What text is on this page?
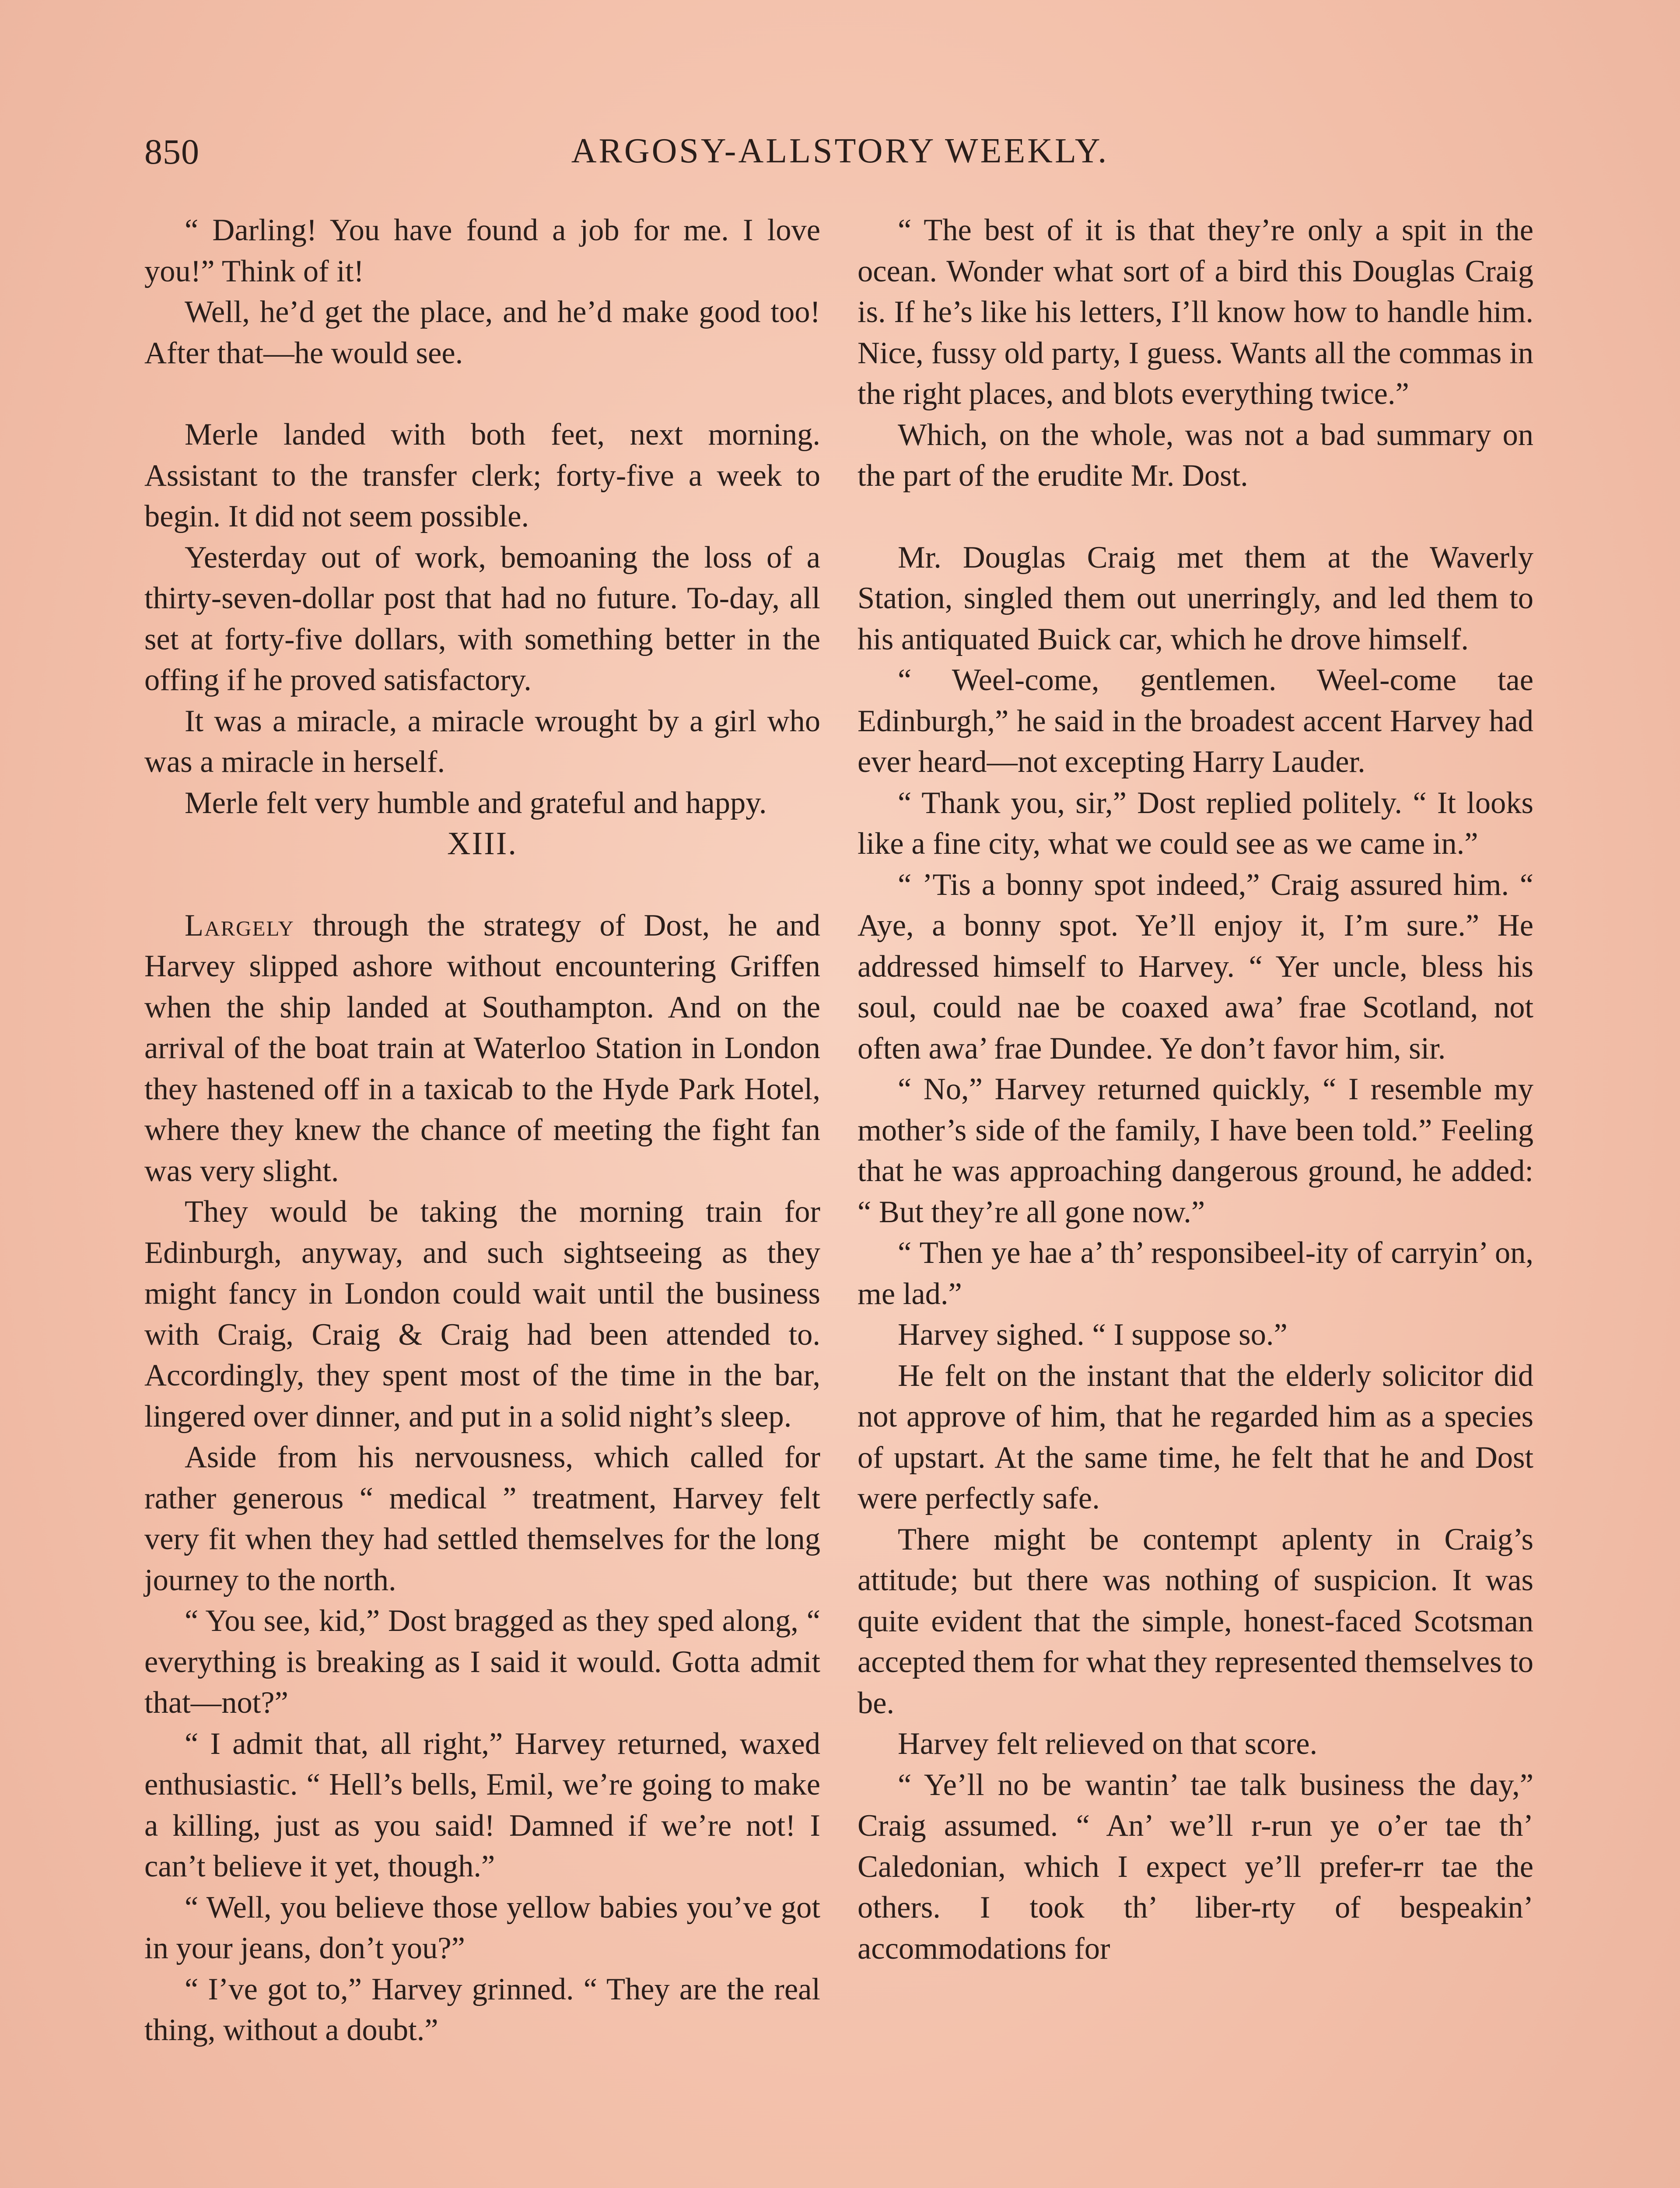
850	ARGOSY-ALLSTORY WEEKLY.

“ Darling! You have found a job for me. I love you!” Think of it!

Well, he’d get the place, and he’d make good too! After that—he would see.

Merle landed with both feet, next morning. Assistant to the transfer clerk; forty-five a week to begin. It did not seem possible.

Yesterday out of work, bemoaning the loss of a thirty-seven-dollar post that had no future. To-day, all set at forty-five dollars, with something better in the offing if he proved satisfactory.

It was a miracle, a miracle wrought by a girl who was a miracle in herself.

Merle felt very humble and grateful and happy.

XIII.

Largely through the strategy of Dost, he and Harvey slipped ashore without encountering Griffen when the ship landed at Southampton. And on the arrival of the boat train at Waterloo Station in London they hastened off in a taxicab to the Hyde Park Hotel, where they knew the chance of meeting the fight fan was very slight.

They would be taking the morning train for Edinburgh, anyway, and such sightseeing as they might fancy in London could wait until the business with Craig, Craig & Craig had been attended to. Accordingly, they spent most of the time in the bar, lingered over dinner, and put in a solid night’s sleep.

Aside from his nervousness, which called for rather generous “ medical ” treatment, Harvey felt very fit when they had settled themselves for the long journey to the north.

“ You see, kid,” Dost bragged as they sped along, “ everything is breaking as I said it would. Gotta admit that—not?”

“ I admit that, all right,” Harvey returned, waxed enthusiastic. “ Hell’s bells, Emil, we’re going to make a killing, just as you said! Damned if we’re not! I can’t believe it yet, though.”

“ Well, you believe those yellow babies you’ve got in your jeans, don’t you?”

“ I’ve got to,” Harvey grinned. “ They are the real thing, without a doubt.”

“ The best of it is that they’re only a spit in the ocean. Wonder what sort of a bird this Douglas Craig is. If he’s like his letters, I’ll know how to handle him. Nice, fussy old party, I guess. Wants all the commas in the right places, and blots everything twice.”

Which, on the whole, was not a bad summary on the part of the erudite Mr. Dost.

Mr. Douglas Craig met them at the Waverly Station, singled them out unerringly, and led them to his antiquated Buick car, which he drove himself.

“ Weel-come, gentlemen. Weel-come tae Edinburgh,” he said in the broadest accent Harvey had ever heard—not excepting Harry Lauder.

“ Thank you, sir,” Dost replied politely. “ It looks like a fine city, what we could see as we came in.”

“ ’Tis a bonny spot indeed,” Craig assured him. “ Aye, a bonny spot. Ye’ll enjoy it, I’m sure.” He addressed himself to Harvey. “ Yer uncle, bless his soul, could nae be coaxed awa’ frae Scotland, not often awa’ frae Dundee. Ye don’t favor him, sir.

“ No,” Harvey returned quickly, “ I resemble my mother’s side of the family, I have been told.” Feeling that he was approaching dangerous ground, he added: “ But they’re all gone now.”

“ Then ye hae a’ th’ responsibeel-ity of carryin’ on, me lad.”

Harvey sighed. “ I suppose so.”

He felt on the instant that the elderly solicitor did not approve of him, that he regarded him as a species of upstart. At the same time, he felt that he and Dost were perfectly safe.

There might be contempt aplenty in Craig’s attitude; but there was nothing of suspicion. It was quite evident that the simple, honest-faced Scotsman accepted them for what they represented themselves to be.

Harvey felt relieved on that score.

“ Ye’ll no be wantin’ tae talk business the day,” Craig assumed. “ An’ we’ll r-run ye o’er tae th’ Caledonian, which I expect ye’ll prefer-rr tae the others. I took th’ liber-rty of bespeakin’ accommodations for
